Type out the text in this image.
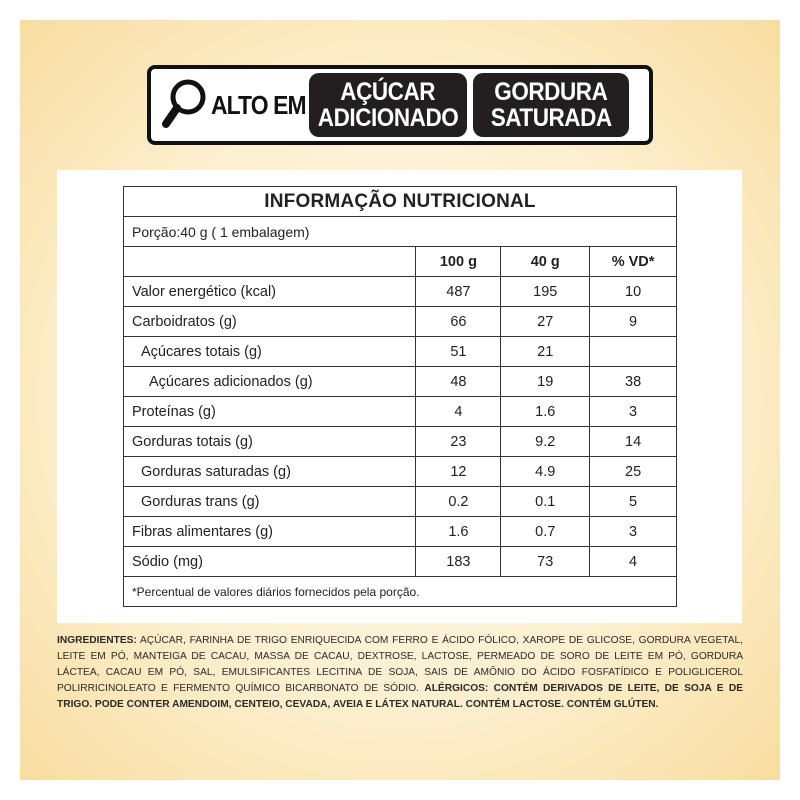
ALTO EM AÇÚCAR
ADICIONADO
GORDURA
SATURADA
INFORMAÇÃO NUTRICIONAL			
Porção:40 g ( 1 embalagem)			
	100 g	40 g	% VD*
Valor energético (kcal)	487	195	10
Carboidratos (g)	66	27	9
Açúcares totais (g)	51	21	
Açúcares adicionados (g)	48	19	38
Proteínas (g)	4	1.6	3
Gorduras totais (g)	23	9.2	14
Gorduras saturadas (g)	12	4.9	25
Gorduras trans (g)	0.2	0.1	5
Fibras alimentares (g)	1.6	0.7	3
Sódio (mg)	183	73	4
*Percentual de valores diários fornecidos pela porção.			
INGREDIENTES: AÇÚCAR, FARINHA DE TRIGO ENRIQUECIDA COM FERRO E ÁCIDO FÓLICO, XAROPE DE GLICOSE, GORDURA VEGETAL, LEITE EM PÓ, MANTEIGA DE CACAU, MASSA DE CACAU, DEXTROSE, LACTOSE, PERMEADO DE SORO DE LEITE EM PÓ, GORDURA LÁCTEA, CACAU EM PÓ, SAL, EMULSIFICANTES LECITINA DE SOJA, SAIS DE AMÔNIO DO ÁCIDO FOSFATÍDICO E POLIGLICEROL POLIRRICINOLEATO E FERMENTO QUÍMICO BICARBONATO DE SÓDIO. ALÉRGICOS: CONTÉM DERIVADOS DE LEITE, DE SOJA E DE TRIGO. PODE CONTER AMENDOIM, CENTEIO, CEVADA, AVEIA E LÁTEX NATURAL. CONTÉM LACTOSE. CONTÉM GLÚTEN.
